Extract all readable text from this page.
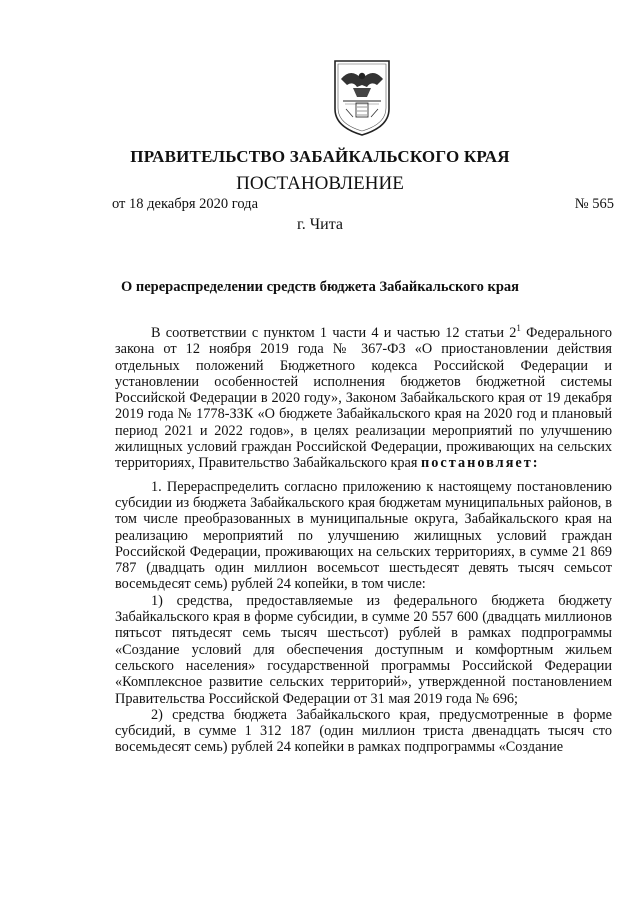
ПРАВИТЕЛЬСТВО ЗАБАЙКАЛЬСКОГО КРАЯ
ПОСТАНОВЛЕНИЕ
от 18 декабря 2020 года	№ 565
г. Чита
О перераспределении средств бюджета Забайкальского края

В соответствии с пунктом 1 части 4 и частью 12 статьи $2^1$ Федерального закона от 12 ноября 2019 года № 367-ФЗ «О приостановлении действия отдельных положений Бюджетного кодекса Российской Федерации и установлении особенностей исполнения бюджетов бюджетной системы Российской Федерации в 2020 году», Законом Забайкальского края от 19 декабря 2019 года № 1778-ЗЗК «О бюджете Забайкальского края на 2020 год и плановый период 2021 и 2022 годов», в целях реализации мероприятий по улучшению жилищных условий граждан Российской Федерации, проживающих на сельских территориях, Правительство Забайкальского края постановляет:

1. Перераспределить согласно приложению к настоящему постановлению субсидии из бюджета Забайкальского края бюджетам муниципальных районов, в том числе преобразованных в муниципальные округа, Забайкальского края на реализацию мероприятий по улучшению жилищных условий граждан Российской Федерации, проживающих на сельских территориях, в сумме 21 869 787 (двадцать один миллион восемьсот шестьдесят девять тысяч семьсот восемьдесят семь) рублей 24 копейки, в том числе:

1) средства, предоставляемые из федерального бюджета бюджету Забайкальского края в форме субсидии, в сумме 20 557 600 (двадцать миллионов пятьсот пятьдесят семь тысяч шестьсот) рублей в рамках подпрограммы «Создание условий для обеспечения доступным и комфортным жильем сельского населения» государственной программы Российской Федерации «Комплексное развитие сельских территорий», утвержденной постановлением Правительства Российской Федерации от 31 мая 2019 года № 696;

2) средства бюджета Забайкальского края, предусмотренные в форме субсидий, в сумме 1 312 187 (один миллион триста двенадцать тысяч сто восемьдесят семь) рублей 24 копейки в рамках подпрограммы «Создание
